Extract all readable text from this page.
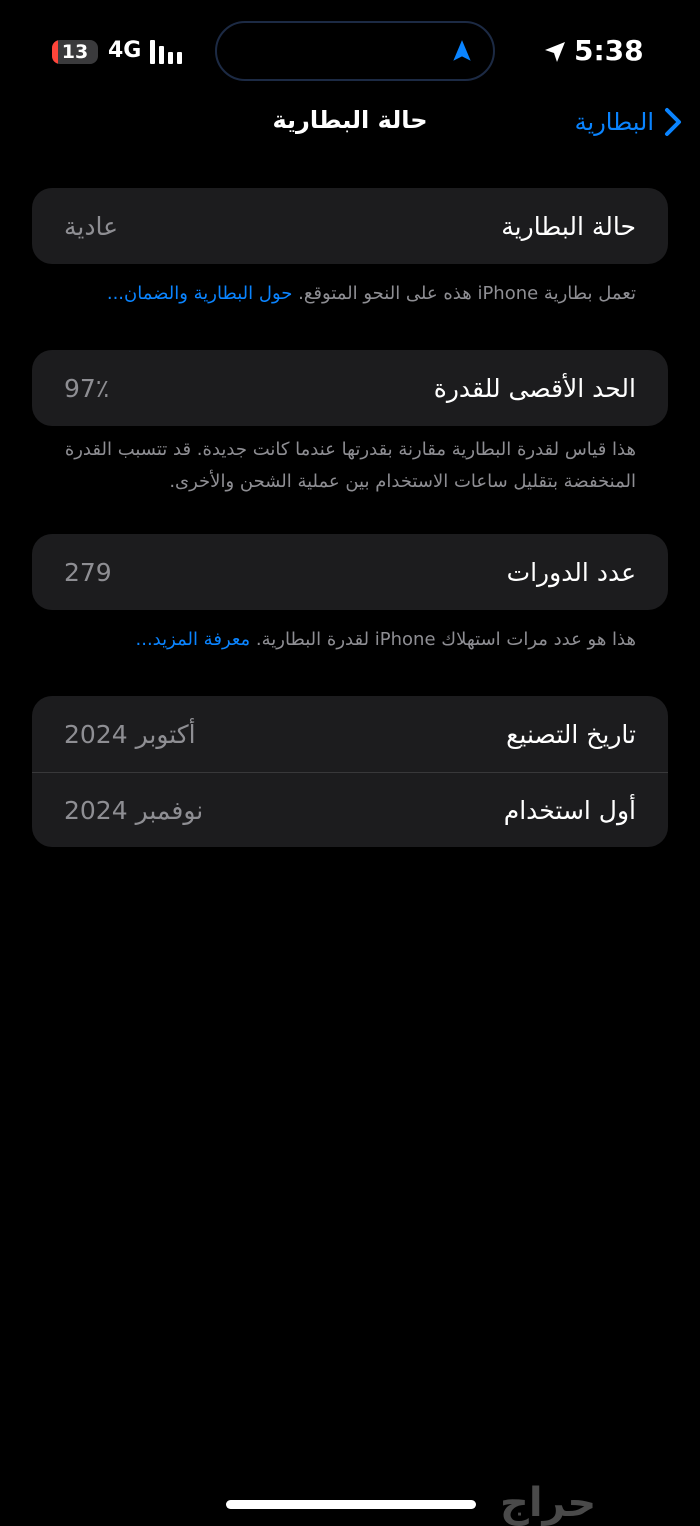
13 4G	5:38
حالة البطارية	البطارية
عادية	حالة البطارية
تعمل بطارية iPhone هذه على النحو المتوقع. حول البطارية والضمان...
97٪	الحد الأقصى للقدرة
هذا قياس لقدرة البطارية مقارنة بقدرتها عندما كانت جديدة. قد تتسبب القدرة المنخفضة بتقليل ساعات الاستخدام بين عملية الشحن والأخرى.
279	عدد الدورات
هذا هو عدد مرات استهلاك iPhone لقدرة البطارية. معرفة المزيد...
أكتوبر 2024	تاريخ التصنيع
نوفمبر 2024	أول استخدام
حراج
